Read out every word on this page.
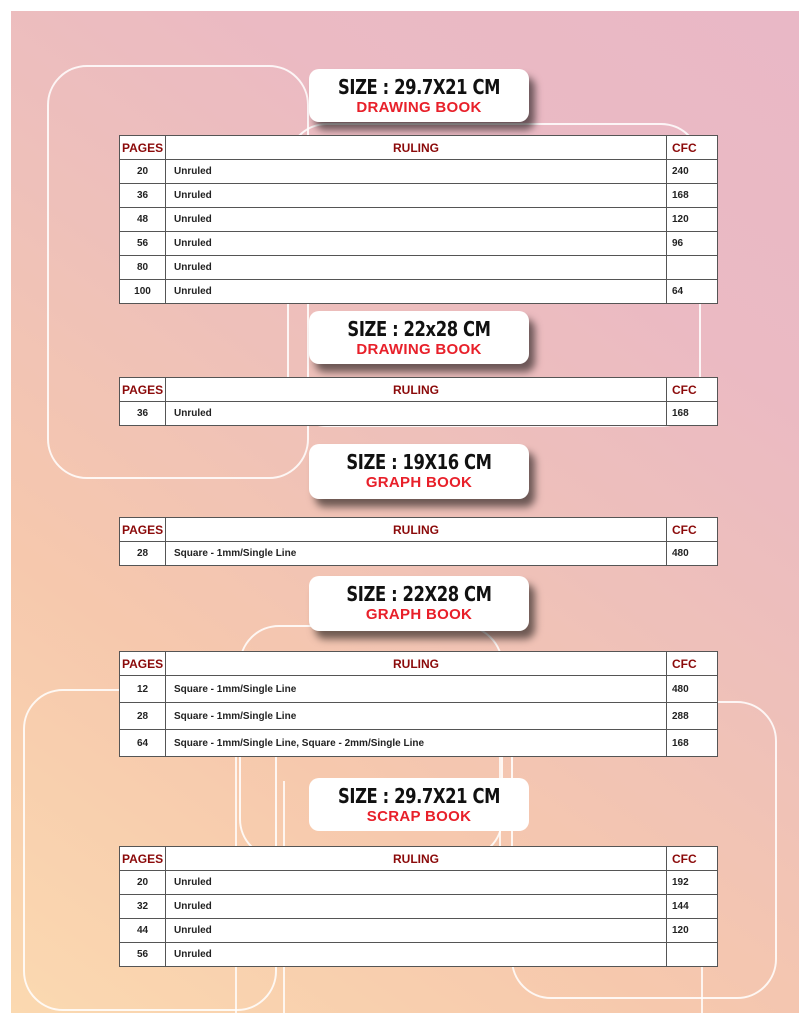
SIZE : 29.7X21 CM
DRAWING BOOK
PAGES	RULING	CFC
20	Unruled	240
36	Unruled	168
48	Unruled	120
56	Unruled	96
80	Unruled	
100	Unruled	64
SIZE : 22x28 CM
DRAWING BOOK
PAGES	RULING	CFC
36	Unruled	168
SIZE : 19X16 CM
GRAPH BOOK
PAGES	RULING	CFC
28	Square - 1mm/Single Line	480
SIZE : 22X28 CM
GRAPH BOOK
PAGES	RULING	CFC
12	Square - 1mm/Single Line	480
28	Square - 1mm/Single Line	288
64	Square - 1mm/Single Line, Square - 2mm/Single Line	168
SIZE : 29.7X21 CM
SCRAP BOOK
PAGES	RULING	CFC
20	Unruled	192
32	Unruled	144
44	Unruled	120
56	Unruled	
